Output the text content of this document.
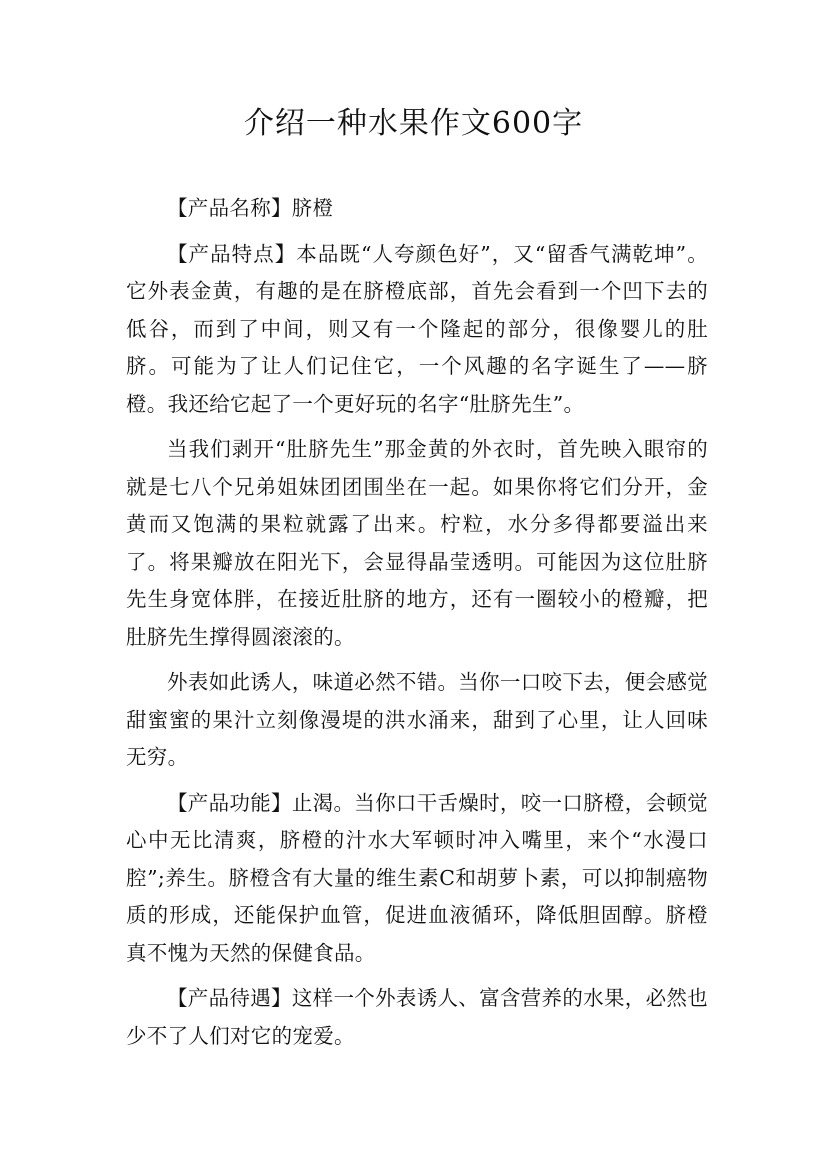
介绍一种水果作文600字

【产品名称】脐橙

【产品特点】本品既“人夸颜色好”，又“留香气满乾坤”。它外表金黄，有趣的是在脐橙底部，首先会看到一个凹下去的低谷，而到了中间，则又有一个隆起的部分，很像婴儿的肚脐。可能为了让人们记住它，一个风趣的名字诞生了——脐橙。我还给它起了一个更好玩的名字“肚脐先生”。

当我们剥开“肚脐先生”那金黄的外衣时，首先映入眼帘的就是七八个兄弟姐妹团团围坐在一起。如果你将它们分开，金黄而又饱满的果粒就露了出来。柠粒，水分多得都要溢出来了。将果瓣放在阳光下，会显得晶莹透明。可能因为这位肚脐先生身宽体胖，在接近肚脐的地方，还有一圈较小的橙瓣，把肚脐先生撑得圆滚滚的。

外表如此诱人，味道必然不错。当你一口咬下去，便会感觉甜蜜蜜的果汁立刻像漫堤的洪水涌来，甜到了心里，让人回味无穷。

【产品功能】止渴。当你口干舌燥时，咬一口脐橙，会顿觉心中无比清爽，脐橙的汁水大军顿时冲入嘴里，来个“水漫口腔”;养生。脐橙含有大量的维生素C和胡萝卜素，可以抑制癌物质的形成，还能保护血管，促进血液循环，降低胆固醇。脐橙真不愧为天然的保健食品。

【产品待遇】这样一个外表诱人、富含营养的水果，必然也少不了人们对它的宠爱。
